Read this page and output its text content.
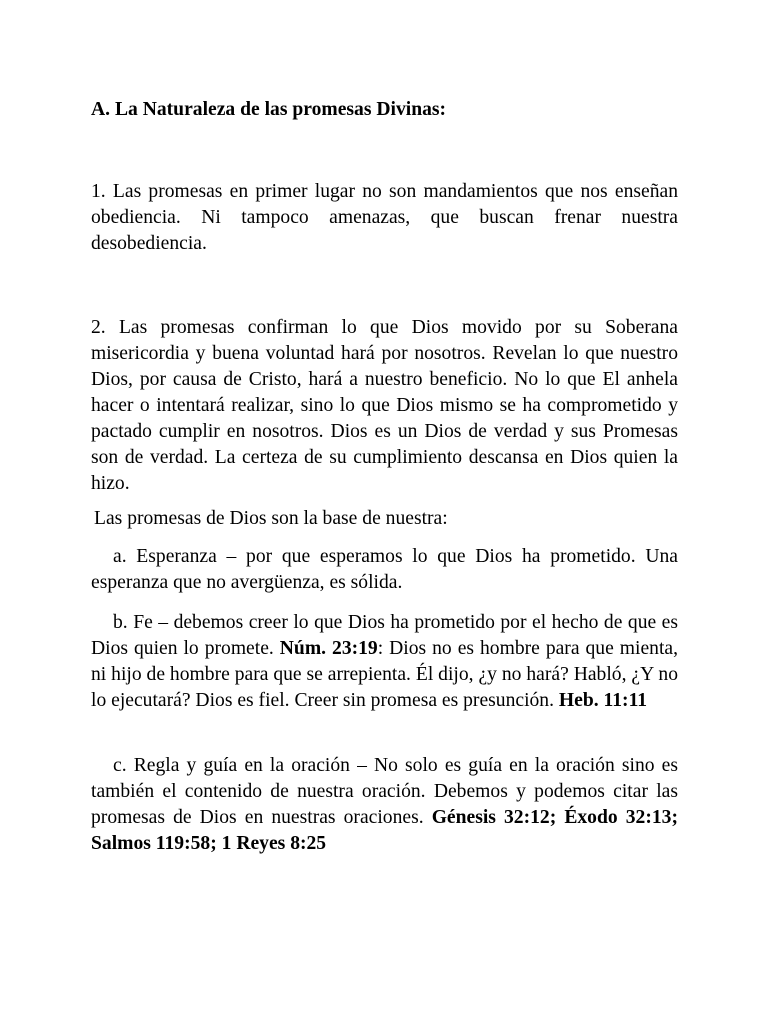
A. La Naturaleza de las promesas Divinas:

1. Las promesas en primer lugar no son mandamientos que nos enseñan obediencia. Ni tampoco amenazas, que buscan frenar nuestra desobediencia.

2. Las promesas confirman lo que Dios movido por su Soberana misericordia y buena voluntad hará por nosotros. Revelan lo que nuestro Dios, por causa de Cristo, hará a nuestro beneficio. No lo que El anhela hacer o intentará realizar, sino lo que Dios mismo se ha comprometido y pactado cumplir en nosotros. Dios es un Dios de verdad y sus Promesas son de verdad. La certeza de su cumplimiento descansa en Dios quien la hizo.

Las promesas de Dios son la base de nuestra:

a. Esperanza – por que esperamos lo que Dios ha prometido. Una esperanza que no avergüenza, es sólida.

b. Fe – debemos creer lo que Dios ha prometido por el hecho de que es Dios quien lo promete. Núm. 23:19: Dios no es hombre para que mienta, ni hijo de hombre para que se arrepienta. Él dijo, ¿y no hará? Habló, ¿Y no lo ejecutará? Dios es fiel. Creer sin promesa es presunción. Heb. 11:11

c. Regla y guía en la oración – No solo es guía en la oración sino es también el contenido de nuestra oración. Debemos y podemos citar las promesas de Dios en nuestras oraciones. Génesis 32:12; Éxodo 32:13; Salmos 119:58; 1 Reyes 8:25
